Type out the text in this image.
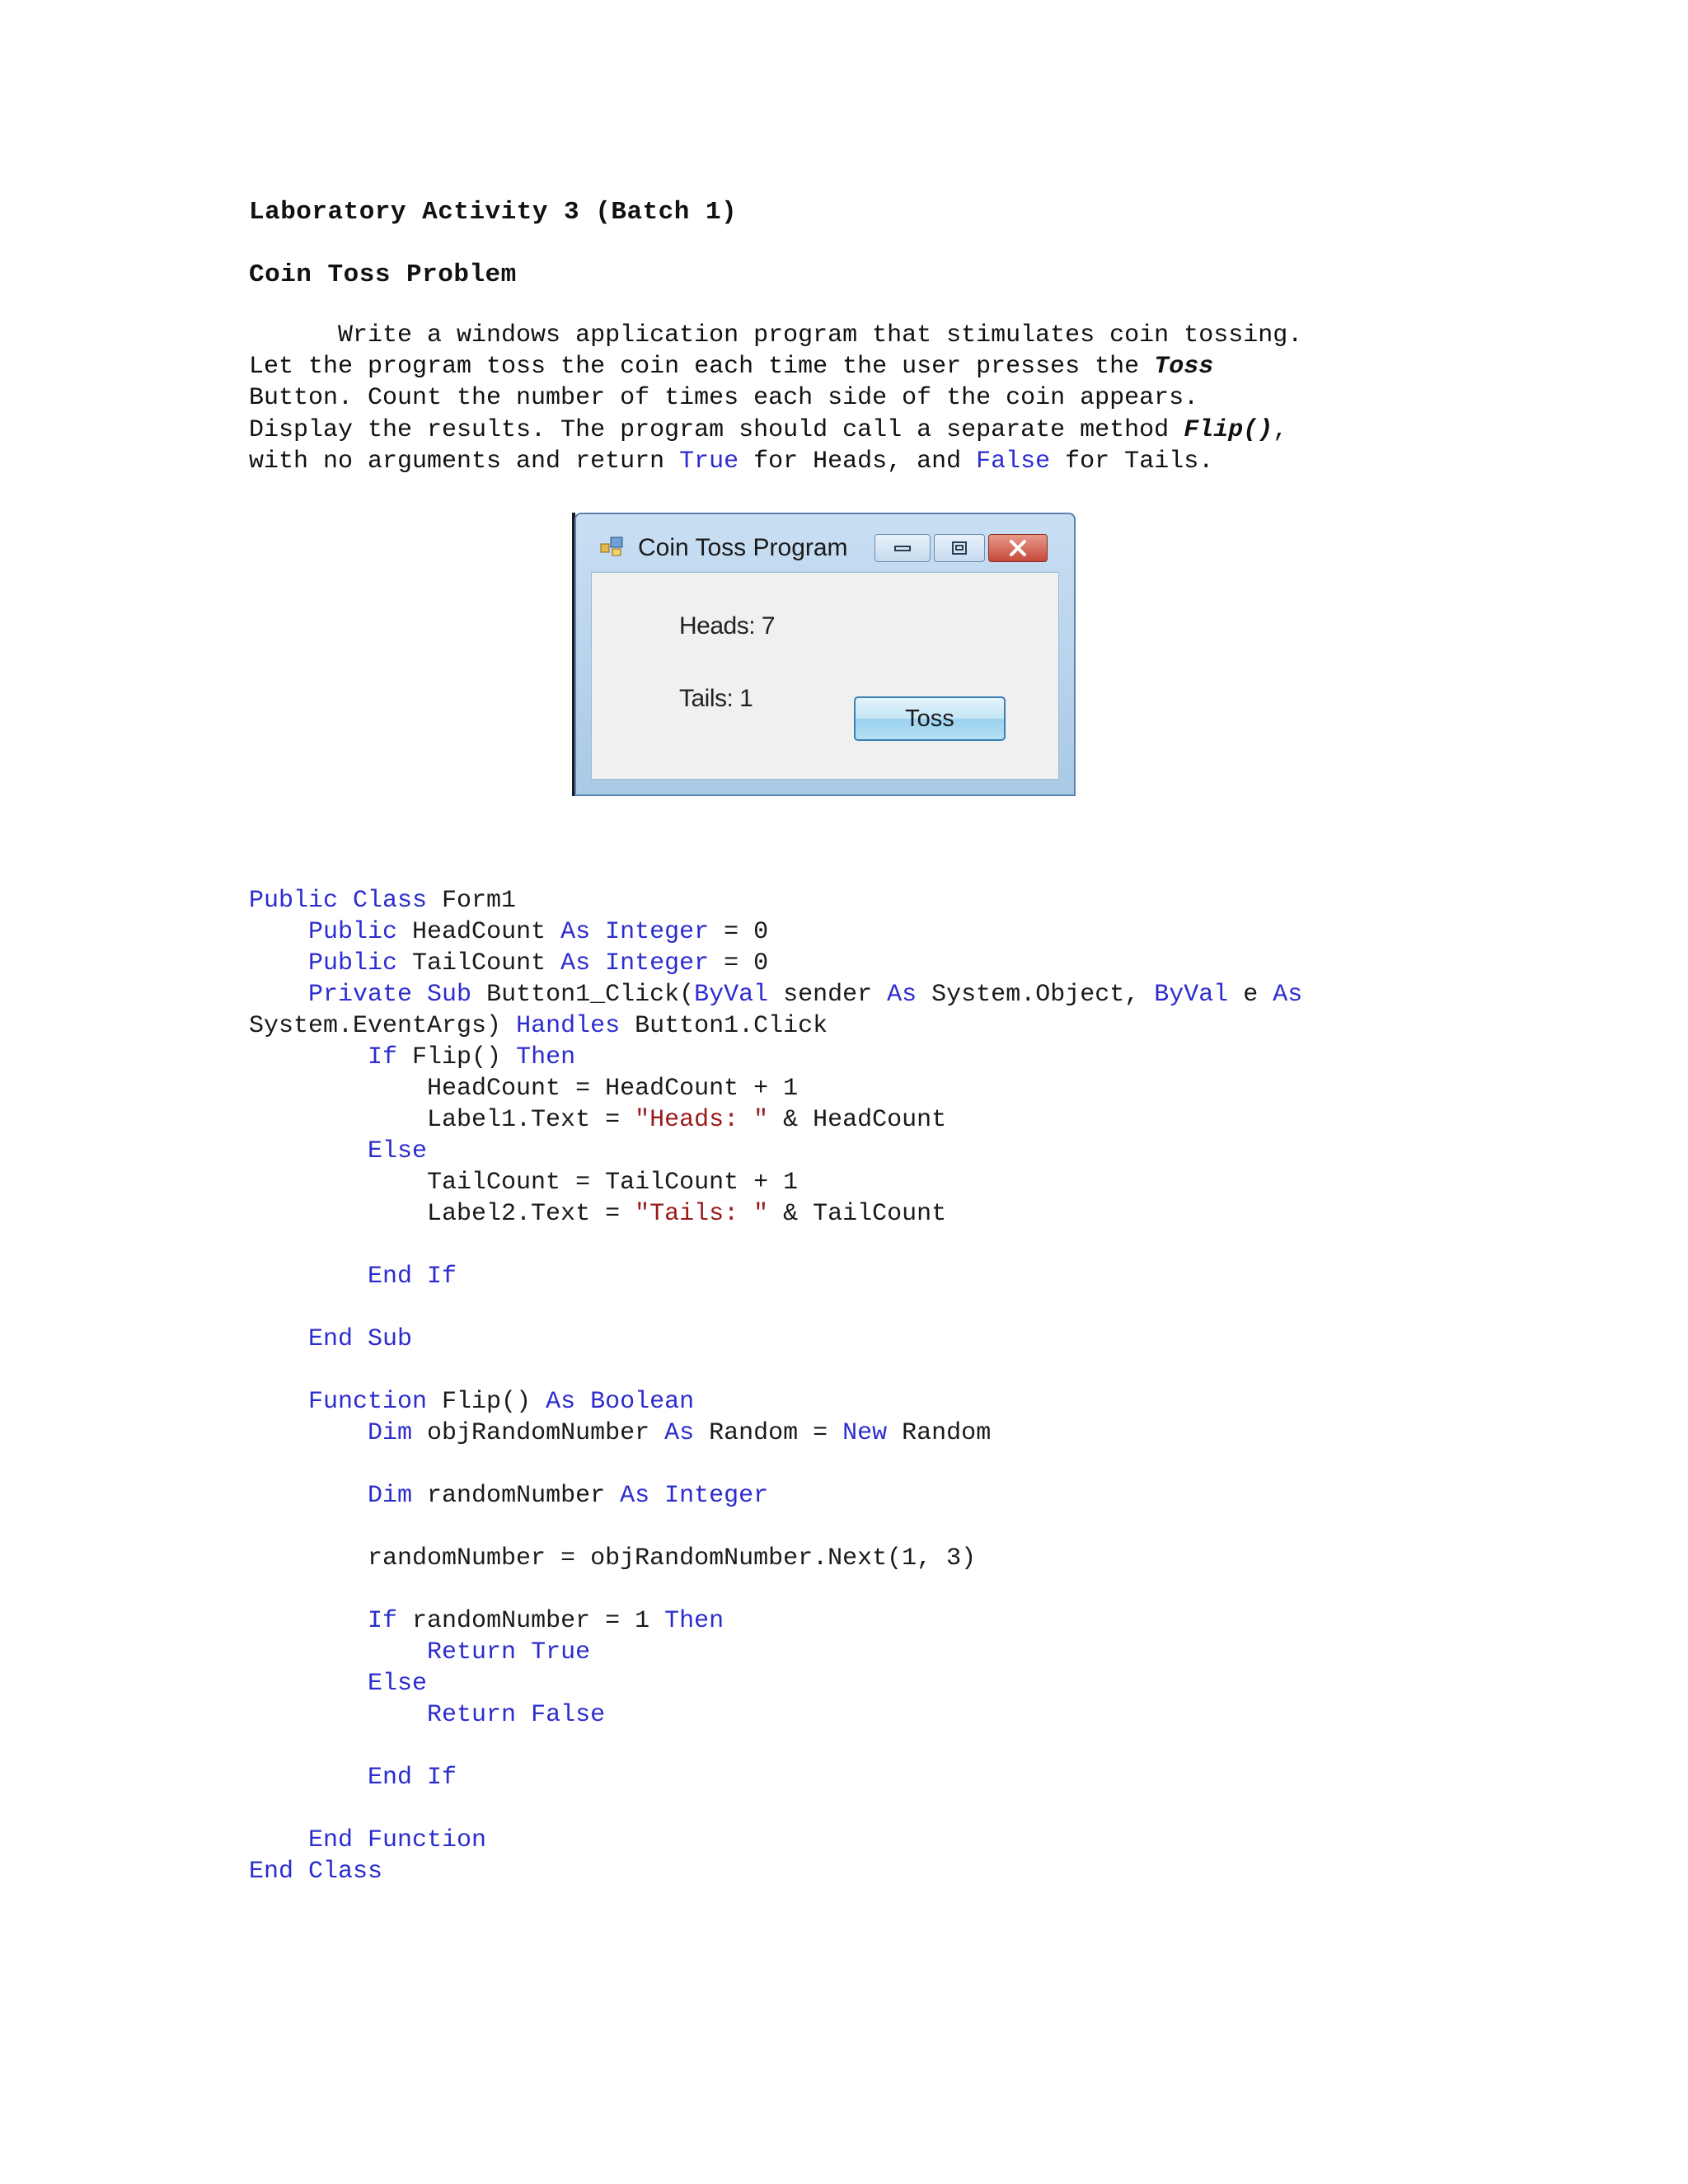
Laboratory Activity 3 (Batch 1)
Coin Toss Problem
Write a windows application program that stimulates coin tossing.
Let the program toss the coin each time the user presses the Toss
Button. Count the number of times each side of the coin appears.
Display the results. The program should call a separate method Flip(),
with no arguments and return True for Heads, and False for Tails.
Coin Toss Program
Heads: 7
Tails: 1
Toss
Public Class Form1
Public HeadCount As Integer = 0
Public TailCount As Integer = 0
Private Sub Button1_Click(ByVal sender As System.Object, ByVal e As
System.EventArgs) Handles Button1.Click
If Flip() Then
HeadCount = HeadCount + 1
Label1.Text = "Heads: " & HeadCount
Else
TailCount = TailCount + 1
Label2.Text = "Tails: " & TailCount
End If
End Sub
Function Flip() As Boolean
Dim objRandomNumber As Random = New Random
Dim randomNumber As Integer
randomNumber = objRandomNumber.Next(1, 3)
If randomNumber = 1 Then
Return True
Else
Return False
End If
End Function
End Class
